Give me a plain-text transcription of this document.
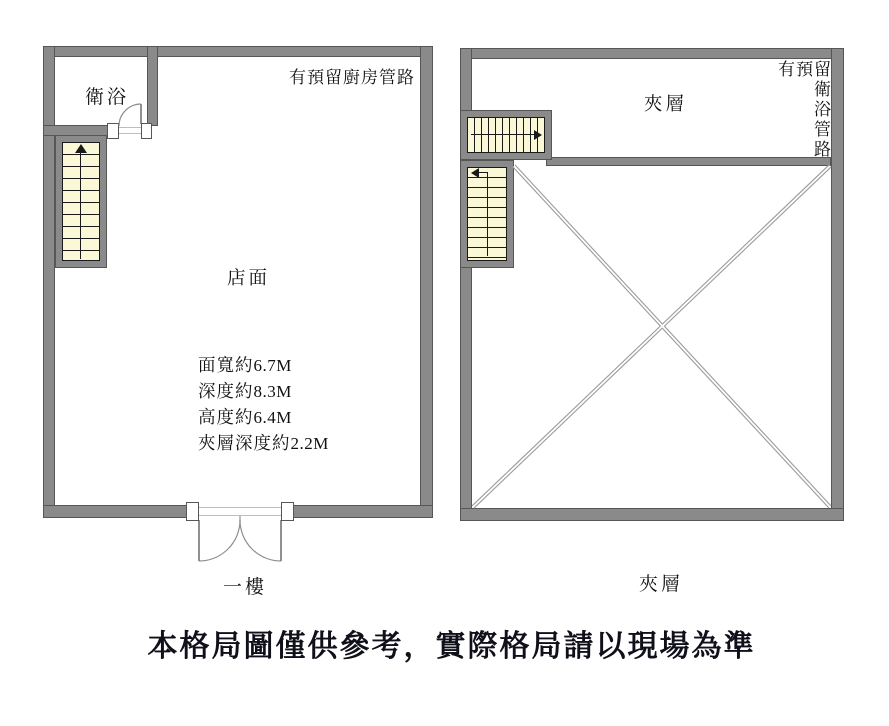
衛浴
有預留廚房管路
店面
面寬約6.7M
深度約8.3M
高度約6.4M
夾層深度約2.2M
一樓
夾層
有預留
衛浴管路
夾層
本格局圖僅供參考，實際格局請以現場為準
